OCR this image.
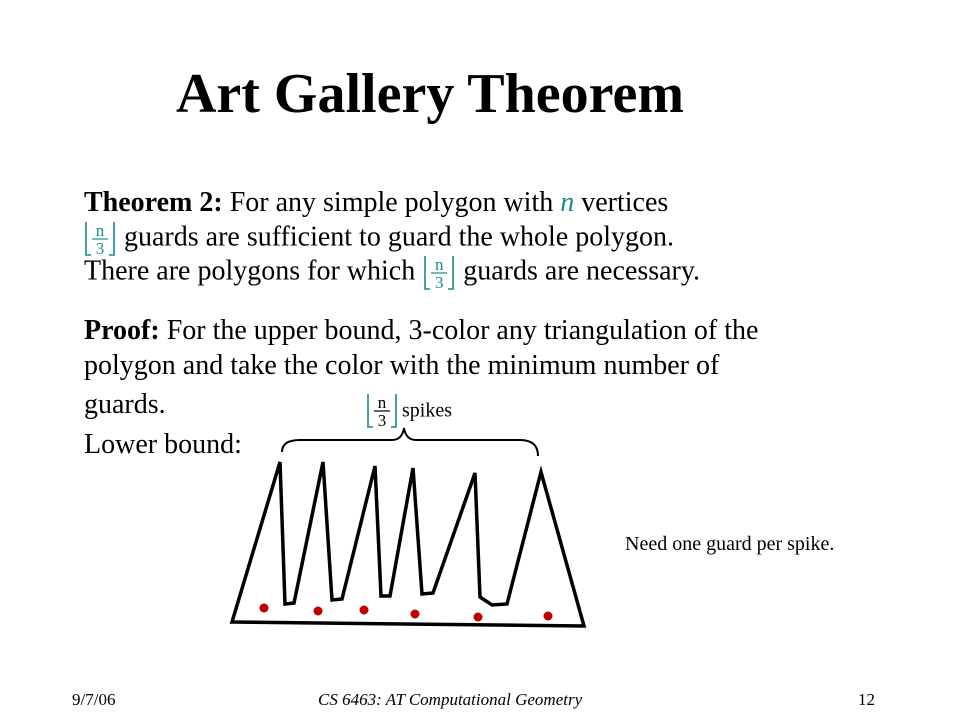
Art Gallery Theorem
Theorem 2: For any simple polygon with n vertices
n
3 guards are sufficient to guard the whole polygon.
There are polygons for which	n
3 guards are necessary.
Proof: For the upper bound, 3-color any triangulation of the
polygon and take the color with the minimum number of
guards.
Lower bound:
n
3 spikes
Need one guard per spike.
9/7/06	CS 6463: AT Computational Geometry	12
